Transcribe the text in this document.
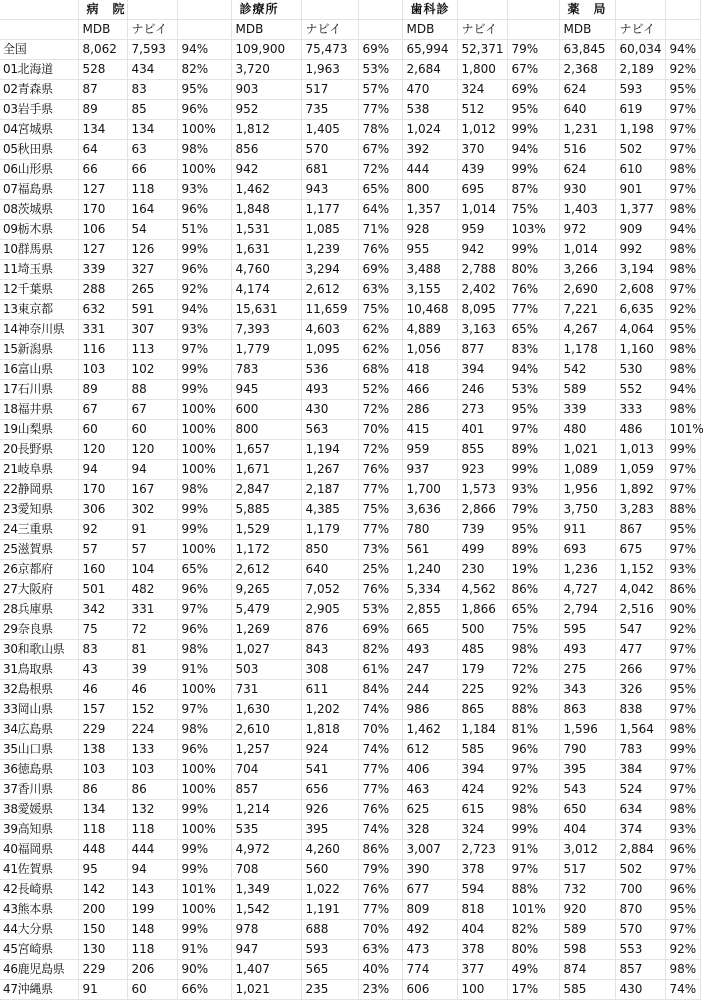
	病　院			診療所			歯科診			薬　局		
	MDB	ナビイ		MDB	ナビイ		MDB	ナビイ		MDB	ナビイ	
全国	8,062	7,593	94%	109,900	75,473	69%	65,994	52,371	79%	63,845	60,034	94%
01北海道	528	434	82%	3,720	1,963	53%	2,684	1,800	67%	2,368	2,189	92%
02青森県	87	83	95%	903	517	57%	470	324	69%	624	593	95%
03岩手県	89	85	96%	952	735	77%	538	512	95%	640	619	97%
04宮城県	134	134	100%	1,812	1,405	78%	1,024	1,012	99%	1,231	1,198	97%
05秋田県	64	63	98%	856	570	67%	392	370	94%	516	502	97%
06山形県	66	66	100%	942	681	72%	444	439	99%	624	610	98%
07福島県	127	118	93%	1,462	943	65%	800	695	87%	930	901	97%
08茨城県	170	164	96%	1,848	1,177	64%	1,357	1,014	75%	1,403	1,377	98%
09栃木県	106	54	51%	1,531	1,085	71%	928	959	103%	972	909	94%
10群馬県	127	126	99%	1,631	1,239	76%	955	942	99%	1,014	992	98%
11埼玉県	339	327	96%	4,760	3,294	69%	3,488	2,788	80%	3,266	3,194	98%
12千葉県	288	265	92%	4,174	2,612	63%	3,155	2,402	76%	2,690	2,608	97%
13東京都	632	591	94%	15,631	11,659	75%	10,468	8,095	77%	7,221	6,635	92%
14神奈川県	331	307	93%	7,393	4,603	62%	4,889	3,163	65%	4,267	4,064	95%
15新潟県	116	113	97%	1,779	1,095	62%	1,056	877	83%	1,178	1,160	98%
16富山県	103	102	99%	783	536	68%	418	394	94%	542	530	98%
17石川県	89	88	99%	945	493	52%	466	246	53%	589	552	94%
18福井県	67	67	100%	600	430	72%	286	273	95%	339	333	98%
19山梨県	60	60	100%	800	563	70%	415	401	97%	480	486	101%
20長野県	120	120	100%	1,657	1,194	72%	959	855	89%	1,021	1,013	99%
21岐阜県	94	94	100%	1,671	1,267	76%	937	923	99%	1,089	1,059	97%
22静岡県	170	167	98%	2,847	2,187	77%	1,700	1,573	93%	1,956	1,892	97%
23愛知県	306	302	99%	5,885	4,385	75%	3,636	2,866	79%	3,750	3,283	88%
24三重県	92	91	99%	1,529	1,179	77%	780	739	95%	911	867	95%
25滋賀県	57	57	100%	1,172	850	73%	561	499	89%	693	675	97%
26京都府	160	104	65%	2,612	640	25%	1,240	230	19%	1,236	1,152	93%
27大阪府	501	482	96%	9,265	7,052	76%	5,334	4,562	86%	4,727	4,042	86%
28兵庫県	342	331	97%	5,479	2,905	53%	2,855	1,866	65%	2,794	2,516	90%
29奈良県	75	72	96%	1,269	876	69%	665	500	75%	595	547	92%
30和歌山県	83	81	98%	1,027	843	82%	493	485	98%	493	477	97%
31鳥取県	43	39	91%	503	308	61%	247	179	72%	275	266	97%
32島根県	46	46	100%	731	611	84%	244	225	92%	343	326	95%
33岡山県	157	152	97%	1,630	1,202	74%	986	865	88%	863	838	97%
34広島県	229	224	98%	2,610	1,818	70%	1,462	1,184	81%	1,596	1,564	98%
35山口県	138	133	96%	1,257	924	74%	612	585	96%	790	783	99%
36徳島県	103	103	100%	704	541	77%	406	394	97%	395	384	97%
37香川県	86	86	100%	857	656	77%	463	424	92%	543	524	97%
38愛媛県	134	132	99%	1,214	926	76%	625	615	98%	650	634	98%
39高知県	118	118	100%	535	395	74%	328	324	99%	404	374	93%
40福岡県	448	444	99%	4,972	4,260	86%	3,007	2,723	91%	3,012	2,884	96%
41佐賀県	95	94	99%	708	560	79%	390	378	97%	517	502	97%
42長崎県	142	143	101%	1,349	1,022	76%	677	594	88%	732	700	96%
43熊本県	200	199	100%	1,542	1,191	77%	809	818	101%	920	870	95%
44大分県	150	148	99%	978	688	70%	492	404	82%	589	570	97%
45宮崎県	130	118	91%	947	593	63%	473	378	80%	598	553	92%
46鹿児島県	229	206	90%	1,407	565	40%	774	377	49%	874	857	98%
47沖縄県	91	60	66%	1,021	235	23%	606	100	17%	585	430	74%
